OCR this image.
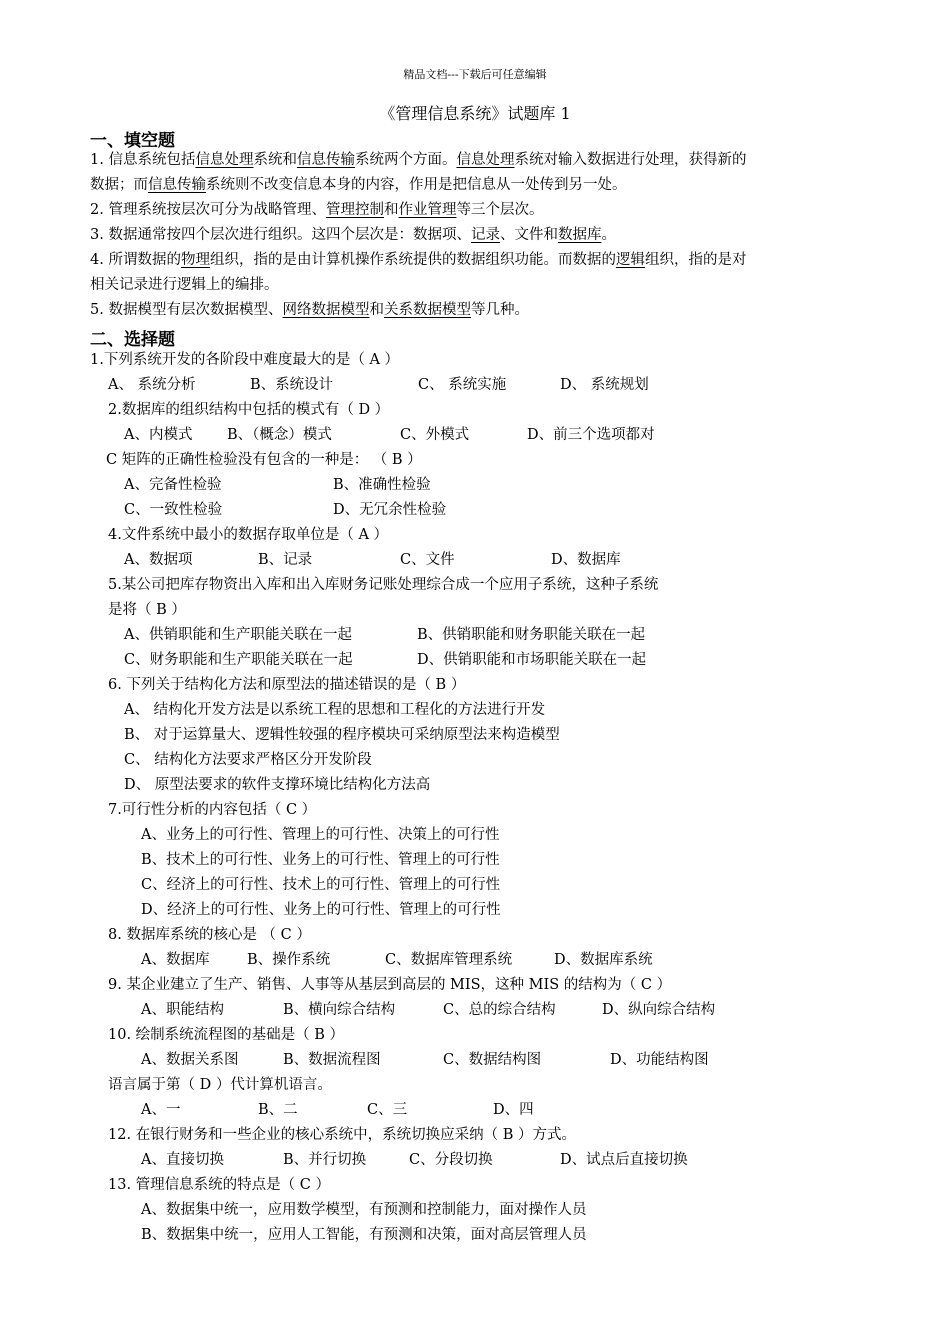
精品文档---下载后可任意编辑
《管理信息系统》试题库 1
一、填空题
1. 信息系统包括信息处理系统和信息传输系统两个方面。信息处理系统对输入数据进行处理，获得新的
数据；而信息传输系统则不改变信息本身的内容，作用是把信息从一处传到另一处。
2. 管理系统按层次可分为战略管理、管理控制和作业管理等三个层次。
3. 数据通常按四个层次进行组织。这四个层次是：数据项、记录、文件和数据库。
4. 所谓数据的物理组织，指的是由计算机操作系统提供的数据组织功能。而数据的逻辑组织，指的是对
相关记录进行逻辑上的编排。
5. 数据模型有层次数据模型、网络数据模型和关系数据模型等几种。
二、选择题
1.下列系统开发的各阶段中难度最大的是（ A ）
A、 系统分析	B、系统设计	C、 系统实施	D、 系统规划
2.数据库的组织结构中包括的模式有（ D ）
A、内模式 B、（概念）模式	C、外模式	D、前三个选项都对
C 矩阵的正确性检验没有包含的一种是： （ B ）
A、完备性检验	B、准确性检验
C、一致性检验	D、无冗余性检验
4.文件系统中最小的数据存取单位是（ A ）
A、数据项	B、记录	C、文件	D、数据库
5.某公司把库存物资出入库和出入库财务记账处理综合成一个应用子系统，这种子系统
是将（ B ）
A、供销职能和生产职能关联在一起	B、供销职能和财务职能关联在一起
C、财务职能和生产职能关联在一起	D、供销职能和市场职能关联在一起
6. 下列关于结构化方法和原型法的描述错误的是（ B ）
A、 结构化开发方法是以系统工程的思想和工程化的方法进行开发
B、 对于运算量大、逻辑性较强的程序模块可采纳原型法来构造模型
C、 结构化方法要求严格区分开发阶段
D、 原型法要求的软件支撑环境比结构化方法高
7.可行性分析的内容包括（ C ）
A、业务上的可行性、管理上的可行性、决策上的可行性
B、技术上的可行性、业务上的可行性、管理上的可行性
C、经济上的可行性、技术上的可行性、管理上的可行性
D、经济上的可行性、业务上的可行性、管理上的可行性
8. 数据库系统的核心是 （ C ）
A、数据库	B、操作系统	C、数据库管理系统	D、数据库系统
9. 某企业建立了生产、销售、人事等从基层到高层的 MIS，这种 MIS 的结构为（ C ）
A、职能结构	B、横向综合结构	C、总的综合结构	D、纵向综合结构
10. 绘制系统流程图的基础是（ B ）
A、数据关系图	B、数据流程图	C、数据结构图	D、功能结构图
语言属于第（ D ）代计算机语言。
A、一	B、二	C、三	D、四
12. 在银行财务和一些企业的核心系统中，系统切换应采纳（ B ）方式。
A、直接切换	B、并行切换	C、分段切换	D、试点后直接切换
13. 管理信息系统的特点是（ C ）
A、数据集中统一，应用数学模型，有预测和控制能力，面对操作人员
B、数据集中统一，应用人工智能，有预测和决策，面对高层管理人员
